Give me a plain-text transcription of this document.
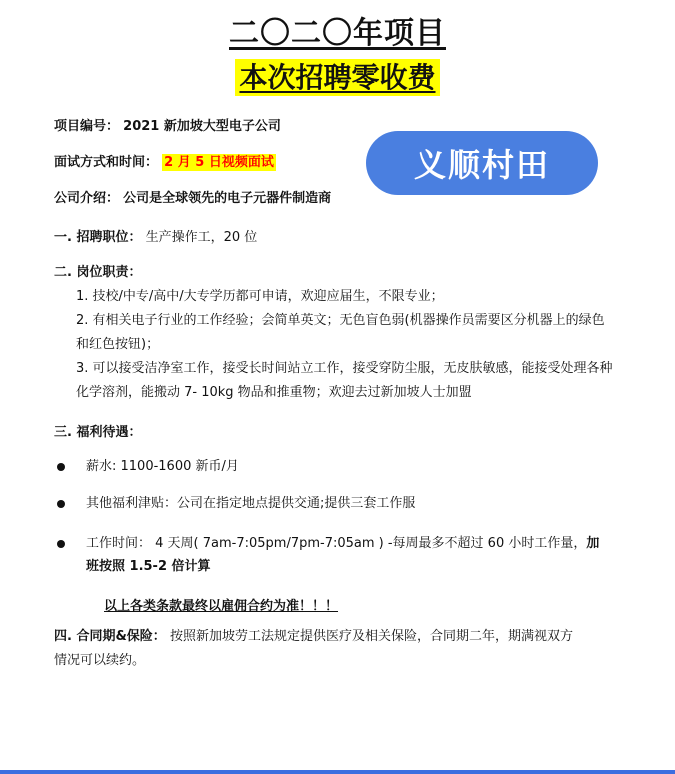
二〇二〇年项目
本次招聘零收费
项目编号： 2021 新加坡大型电子公司
面试方式和时间： 2 月 5 日视频面试	义顺村田
公司介绍： 公司是全球领先的电子元器件制造商
一. 招聘职位： 生产操作工，20 位
二. 岗位职责：
1. 技校/中专/高中/大专学历都可申请，欢迎应届生，不限专业；
2. 有相关电子行业的工作经验；会简单英文；无色盲色弱(机器操作员需要区分机器上的绿色和红色按钮)；
3. 可以接受洁净室工作，接受长时间站立工作，接受穿防尘服，无皮肤敏感，能接受处理各种化学溶剂，能搬动 7- 10kg 物品和推重物；欢迎去过新加坡人士加盟
三. 福利待遇：
薪水: 1100-1600 新币/月
其他福利津贴：公司在指定地点提供交通;提供三套工作服
工作时间： 4 天周( 7am-7:05pm/7pm-7:05am ) -每周最多不超过 60 小时工作量，加
班按照 1.5-2 倍计算
以上各类条款最终以雇佣合约为准！！！
四. 合同期&保险： 按照新加坡劳工法规定提供医疗及相关保险，合同期二年，期满视双方
情况可以续约。
